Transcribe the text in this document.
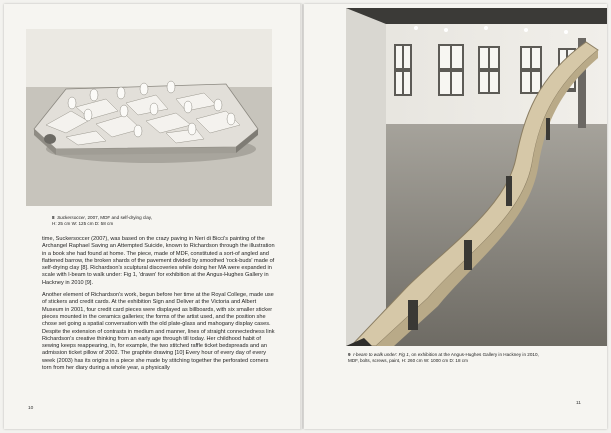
8 Suckersoccer, 2007, MDF and self-drying clay,
H: 25 cm W: 125 cm D: 58 cm

time, Suckersoccer (2007), was based on the crazy paving in Neri di Bicci's painting of the Archangel Raphael Saving an Attempted Suicide, known to Richardson through the illustration in a book she had found at home. The piece, made of MDF, constituted a sort-of angled and flattened barrow, the broken shards of the pavement divided by smoothed 'rock-buds' made of self-drying clay [8]. Richardson's sculptural discoveries while doing her MA were expanded in scale with I-beam to walk under: Fig 1, 'drawn' for exhibition at the Angus-Hughes Gallery in Hackney in 2010 [9].

Another element of Richardson's work, begun before her time at the Royal College, made use of stickers and credit cards. At the exhibition Sign and Deliver at the Victoria and Albert Museum in 2001, four credit card pieces were displayed as billboards, with six smaller sticker pieces mounted in the ceramics galleries; the forms of the artist used, and the position she chose set going a spatial conversation with the old plate-glass and mahogany display cases. Despite the extension of contrasts in medium and manner, lines of straight connectedness link Richardson's creative thinking from an early age through till today. Her childhood habit of sewing keeps reappearing, in, for example, the two stitched raffle ticket bedspreads and an admission ticket pillow of 2002. The graphite drawing [10] Every hour of every day of every week (2003) has its origins in a piece she made by stitching together the perforated corners torn from her diary during a whole year, a physically

10
9 I-beam to walk under: Fig 1, on exhibition at the Angus-Hughes Gallery in Hackney in 2010,
MDF, bolts, screws, paint, H: 260 cm W: 1000 cm D: 18 cm
11
